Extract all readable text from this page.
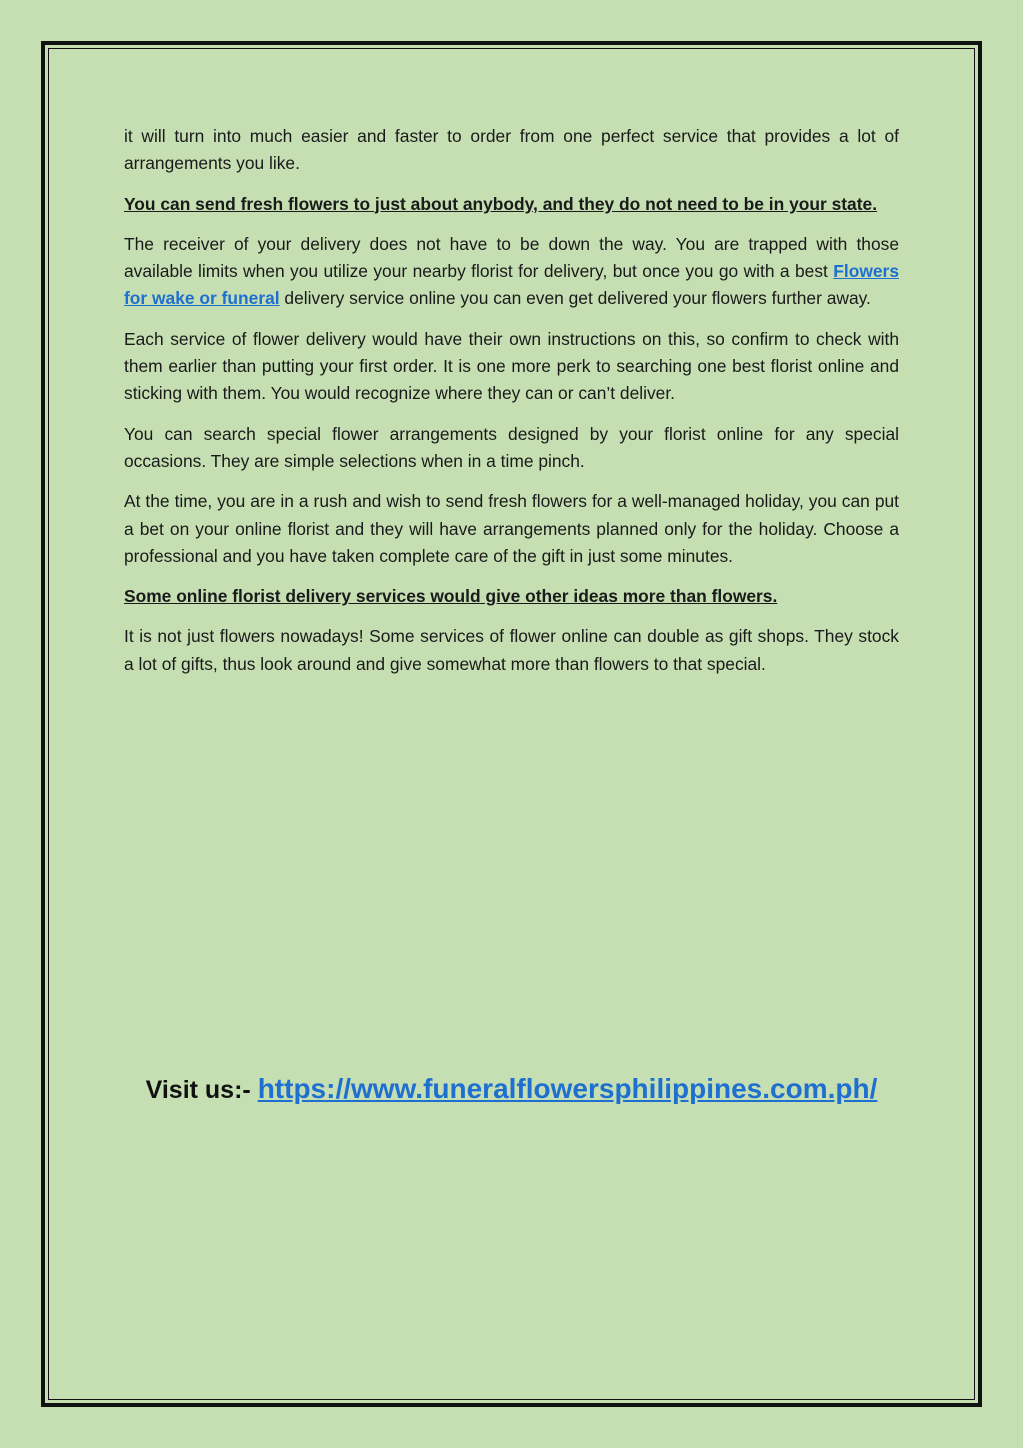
it will turn into much easier and faster to order from one perfect service that provides a lot of arrangements you like.

You can send fresh flowers to just about anybody, and they do not need to be in your state.

The receiver of your delivery does not have to be down the way. You are trapped with those available limits when you utilize your nearby florist for delivery, but once you go with a best Flowers for wake or funeral delivery service online you can even get delivered your flowers further away.

Each service of flower delivery would have their own instructions on this, so confirm to check with them earlier than putting your first order. It is one more perk to searching one best florist online and sticking with them. You would recognize where they can or can’t deliver.

You can search special flower arrangements designed by your florist online for any special occasions. They are simple selections when in a time pinch.

At the time, you are in a rush and wish to send fresh flowers for a well-managed holiday, you can put a bet on your online florist and they will have arrangements planned only for the holiday. Choose a professional and you have taken complete care of the gift in just some minutes.

Some online florist delivery services would give other ideas more than flowers.

It is not just flowers nowadays! Some services of flower online can double as gift shops. They stock a lot of gifts, thus look around and give somewhat more than flowers to that special.

Visit us:- https://www.funeralflowersphilippines.com.ph/
